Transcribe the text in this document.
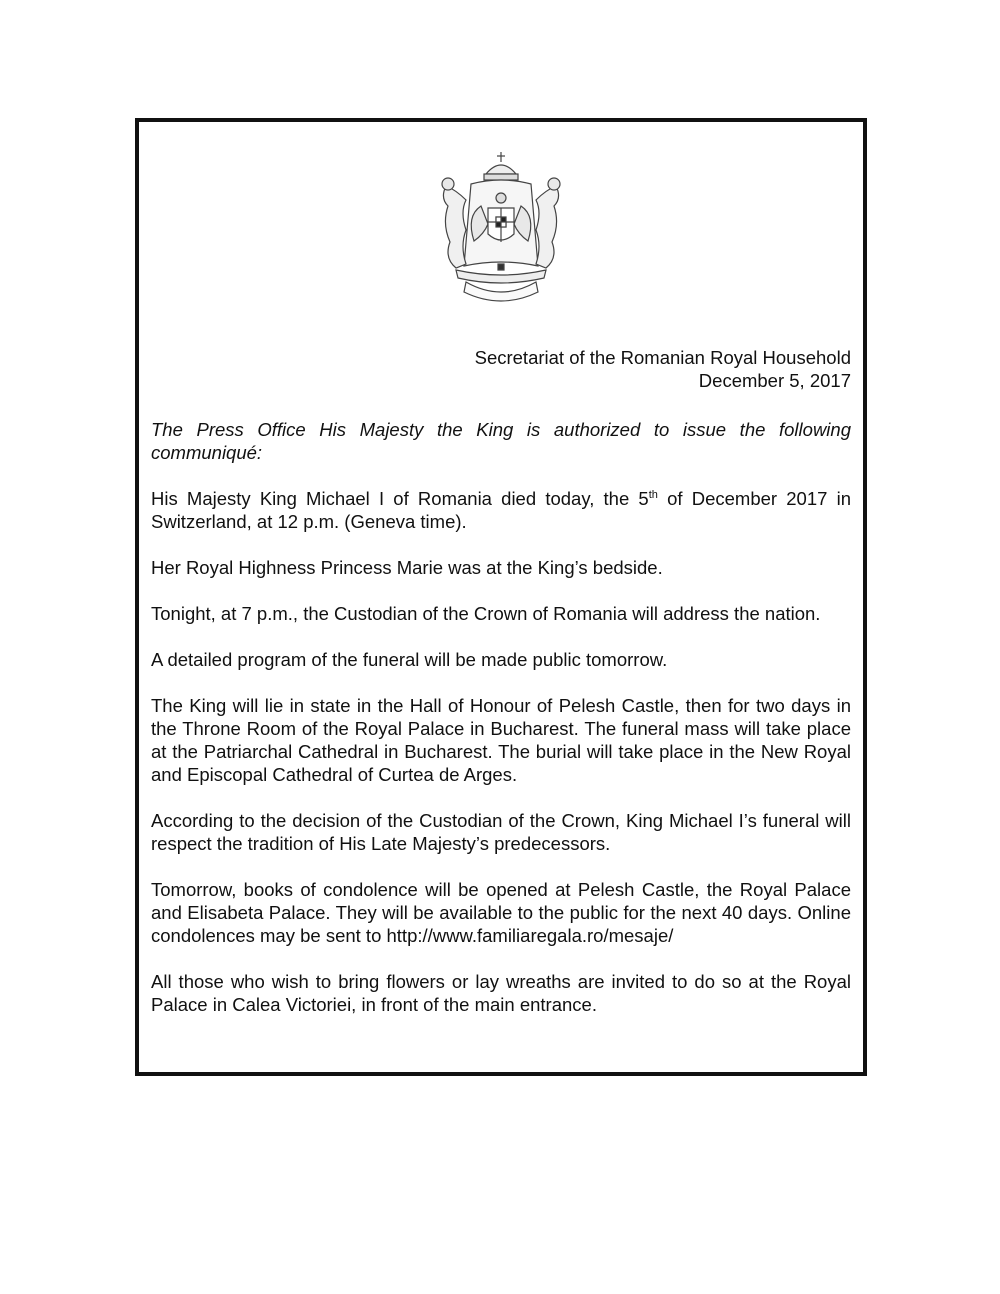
Secretariat of the Romanian Royal Household
December 5, 2017

The Press Office His Majesty the King is authorized to issue the following communiqué:

His Majesty King Michael I of Romania died today, the 5th of December 2017 in Switzerland, at 12 p.m. (Geneva time).

Her Royal Highness Princess Marie was at the King’s bedside.

Tonight, at 7 p.m., the Custodian of the Crown of Romania will address the nation.

A detailed program of the funeral will be made public tomorrow.

The King will lie in state in the Hall of Honour of Pelesh Castle, then for two days in the Throne Room of the Royal Palace in Bucharest. The funeral mass will take place at the Patriarchal Cathedral in Bucharest. The burial will take place in the New Royal and Episcopal Cathedral of Curtea de Arges.

According to the decision of the Custodian of the Crown, King Michael I’s funeral will respect the tradition of His Late Majesty’s predecessors.

Tomorrow, books of condolence will be opened at Pelesh Castle, the Royal Palace and Elisabeta Palace. They will be available to the public for the next 40 days. Online condolences may be sent to http://www.familiaregala.ro/mesaje/

All those who wish to bring flowers or lay wreaths are invited to do so at the Royal Palace in Calea Victoriei, in front of the main entrance.
